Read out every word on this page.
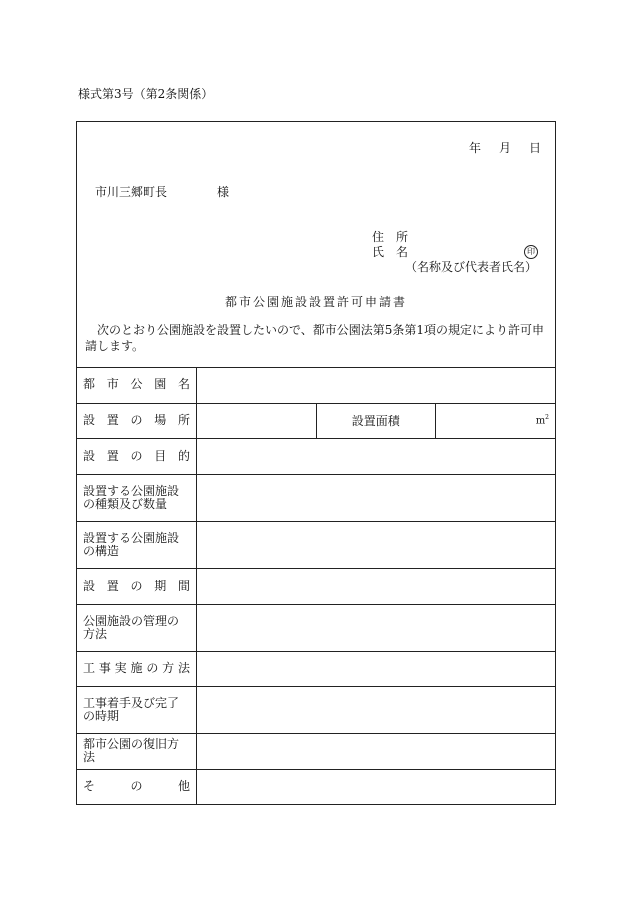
様式第3号（第2条関係）
年 月 日
市川三郷町長	様
住　所
氏　名
（名称及び代表者氏名）
印
都市公園施設設置許可申請書
次のとおり公園施設を設置したいので、都市公園法第5条第1項の規定により許可申請します。
都市公園名			
設置の場所		設置面積	$m^2$
設置の目的			
設置する公園施設の種類及び数量			
設置する公園施設の構造			
設置の期間			
公園施設の管理の方法			
工事実施の方法			
工事着手及び完了の時期			
都市公園の復旧方法			
その他			
